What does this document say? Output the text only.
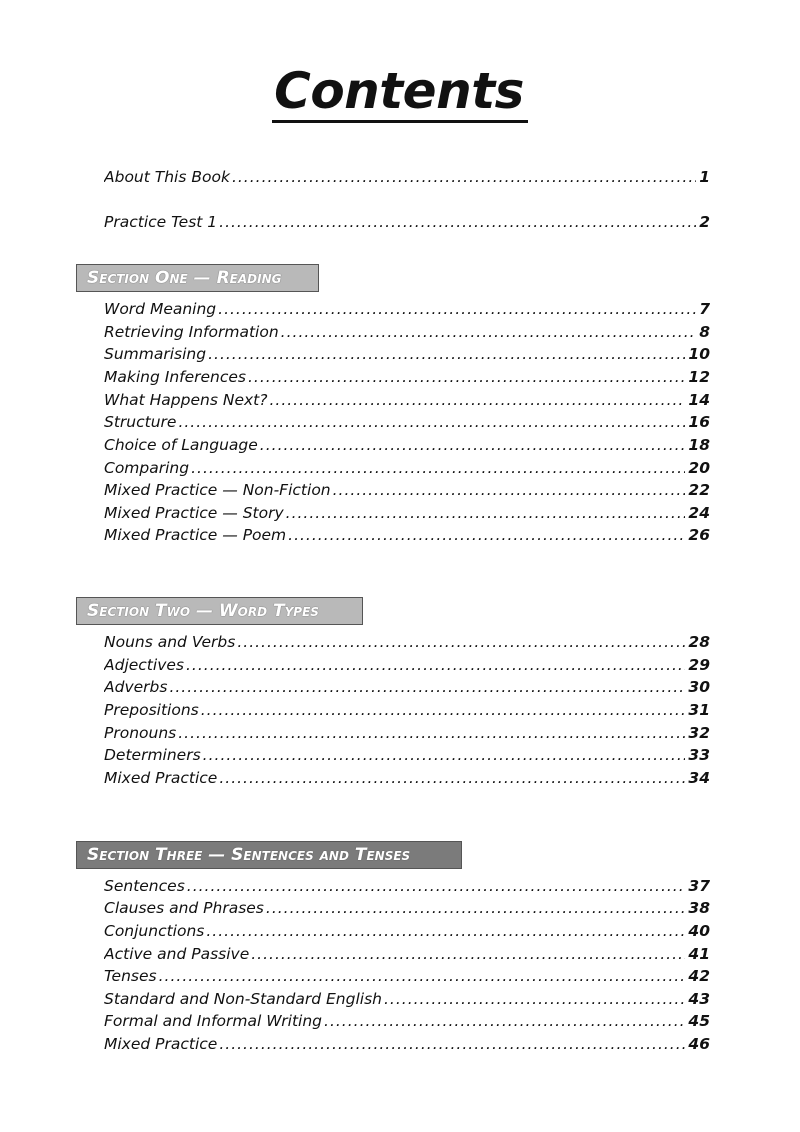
Contents
About This Book .....	1
Practice Test 1 .....	2
Section One — Reading
Word Meaning .....	7
Retrieving Information .....	8
Summarising .....	10
Making Inferences .....	12
What Happens Next? .....	14
Structure .....	16
Choice of Language .....	18
Comparing .....	20
Mixed Practice — Non-Fiction .....	22
Mixed Practice — Story .....	24
Mixed Practice — Poem .....	26
Section Two — Word Types
Nouns and Verbs .....	28
Adjectives .....	29
Adverbs .....	30
Prepositions .....	31
Pronouns .....	32
Determiners .....	33
Mixed Practice .....	34
Section Three — Sentences and Tenses
Sentences .....	37
Clauses and Phrases .....	38
Conjunctions .....	40
Active and Passive .....	41
Tenses .....	42
Standard and Non-Standard English .....	43
Formal and Informal Writing .....	45
Mixed Practice .....	46
